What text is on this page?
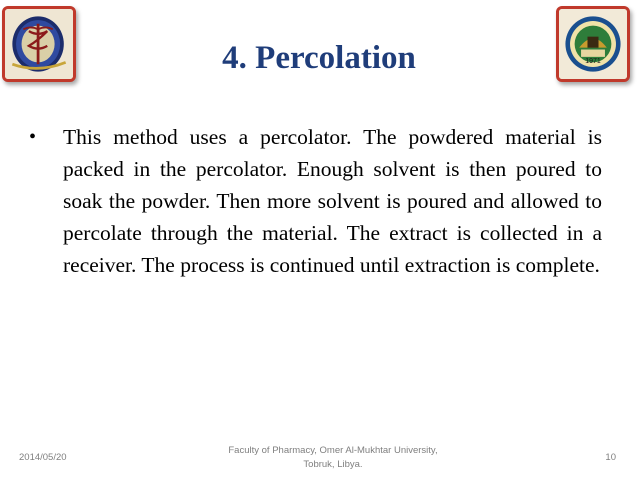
1971
4. Percolation
• This method uses a percolator. The powdered material is packed in the percolator. Enough solvent is then poured to soak the powder. Then more solvent is poured and allowed to percolate through the material. The extract is collected in a receiver. The process is continued until extraction is complete.
2014/05/20
Faculty of Pharmacy, Omer Al-Mukhtar University,
Tobruk, Libya.
10
